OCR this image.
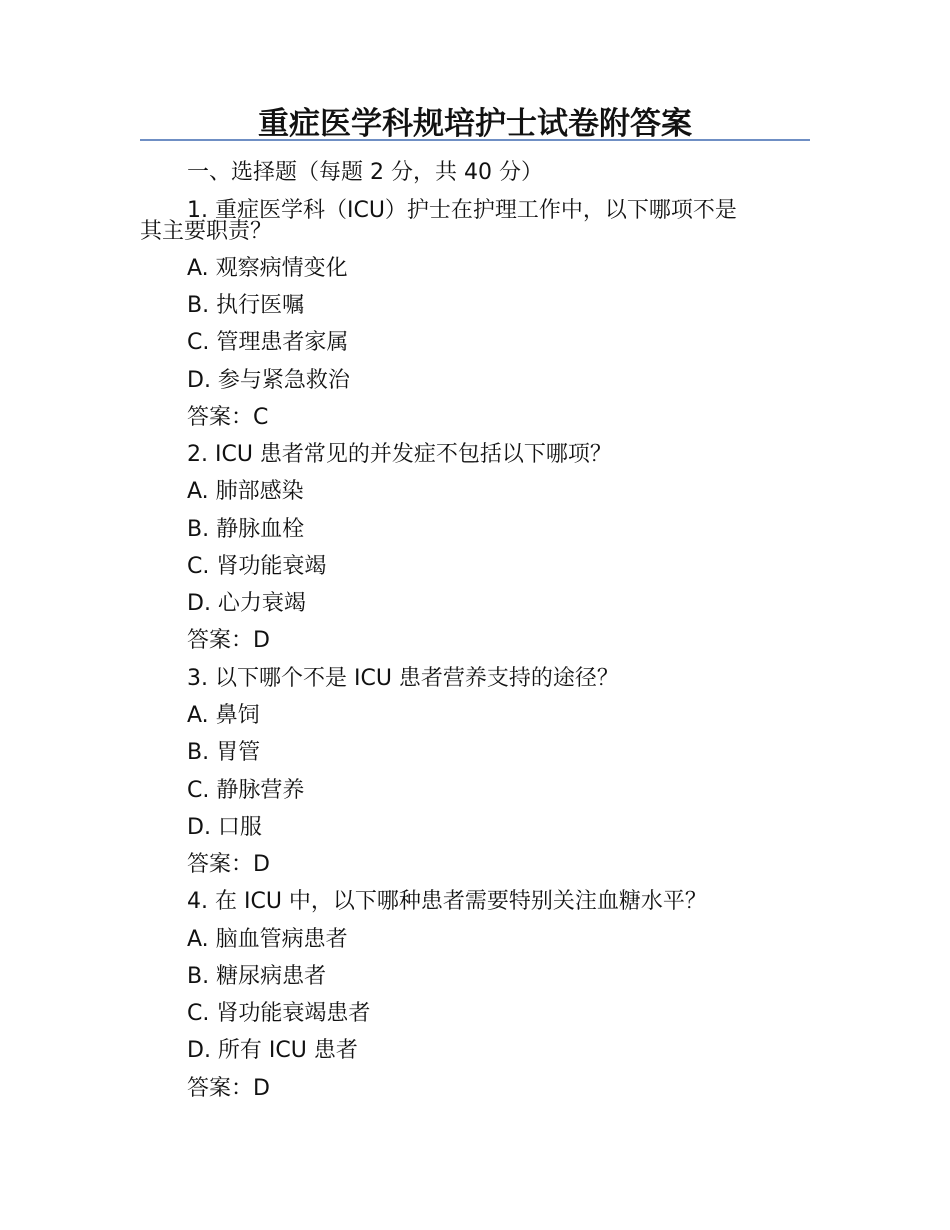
重症医学科规培护士试卷附答案
一、选择题（每题 2 分，共 40 分）
1. 重症医学科（ICU）护士在护理工作中，以下哪项不是
其主要职责？
A. 观察病情变化
B. 执行医嘱
C. 管理患者家属
D. 参与紧急救治
答案：C
2. ICU 患者常见的并发症不包括以下哪项？
A. 肺部感染
B. 静脉血栓
C. 肾功能衰竭
D. 心力衰竭
答案：D
3. 以下哪个不是 ICU 患者营养支持的途径？
A. 鼻饲
B. 胃管
C. 静脉营养
D. 口服
答案：D
4. 在 ICU 中，以下哪种患者需要特别关注血糖水平？
A. 脑血管病患者
B. 糖尿病患者
C. 肾功能衰竭患者
D. 所有 ICU 患者
答案：D
